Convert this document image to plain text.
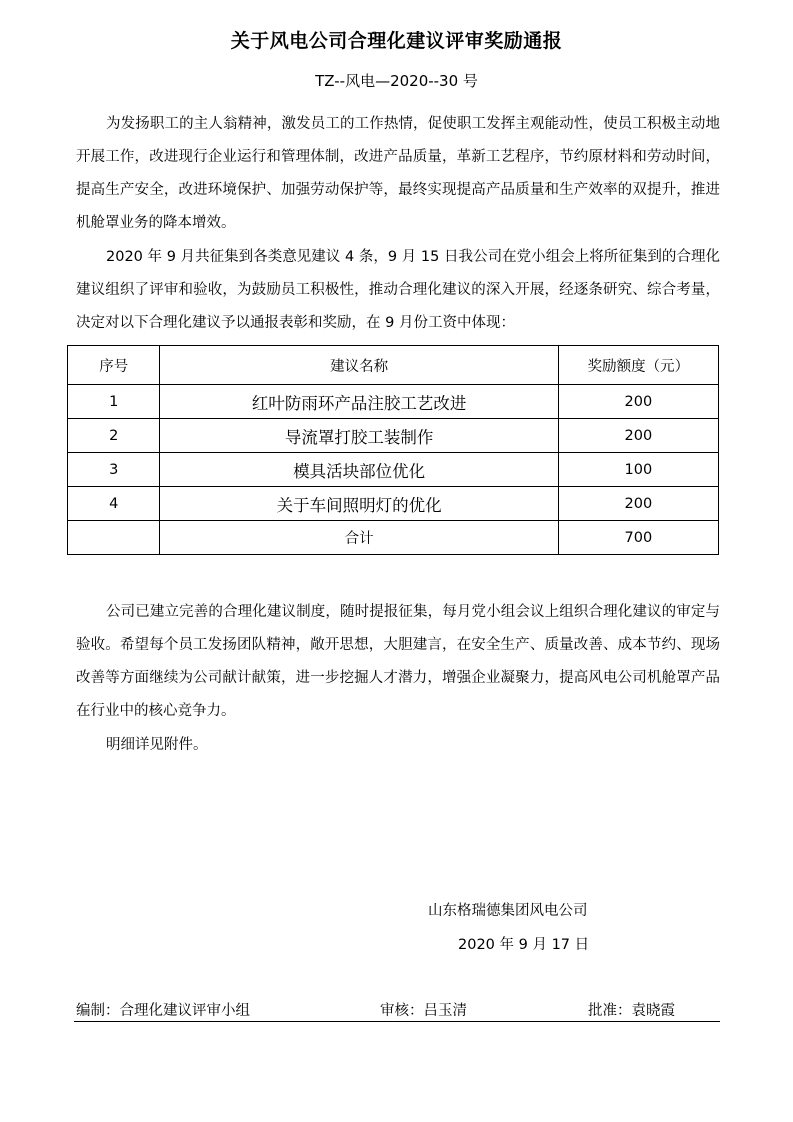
关于风电公司合理化建议评审奖励通报
TZ--风电—2020--30 号

为发扬职工的主人翁精神，激发员工的工作热情，促使职工发挥主观能动性，使员工积极主动地开展工作，改进现行企业运行和管理体制，改进产品质量，革新工艺程序，节约原材料和劳动时间，提高生产安全，改进环境保护、加强劳动保护等，最终实现提高产品质量和生产效率的双提升，推进机舱罩业务的降本增效。

2020 年 9 月共征集到各类意见建议 4 条，9 月 15 日我公司在党小组会上将所征集到的合理化建议组织了评审和验收，为鼓励员工积极性，推动合理化建议的深入开展，经逐条研究、综合考量，决定对以下合理化建议予以通报表彰和奖励，在 9 月份工资中体现：

序号	建议名称	奖励额度（元）
1	红叶防雨环产品注胶工艺改进	200
2	导流罩打胶工装制作	200
3	模具活块部位优化	100
4	关于车间照明灯的优化	200
	合计	700

公司已建立完善的合理化建议制度，随时提报征集，每月党小组会议上组织合理化建议的审定与验收。希望每个员工发扬团队精神，敞开思想，大胆建言，在安全生产、质量改善、成本节约、现场改善等方面继续为公司献计献策，进一步挖掘人才潜力，增强企业凝聚力，提高风电公司机舱罩产品在行业中的核心竞争力。

明细详见附件。

山东格瑞德集团风电公司
2020 年 9 月 17 日
编制：合理化建议评审小组	审核：吕玉清	批准：袁晓霞
